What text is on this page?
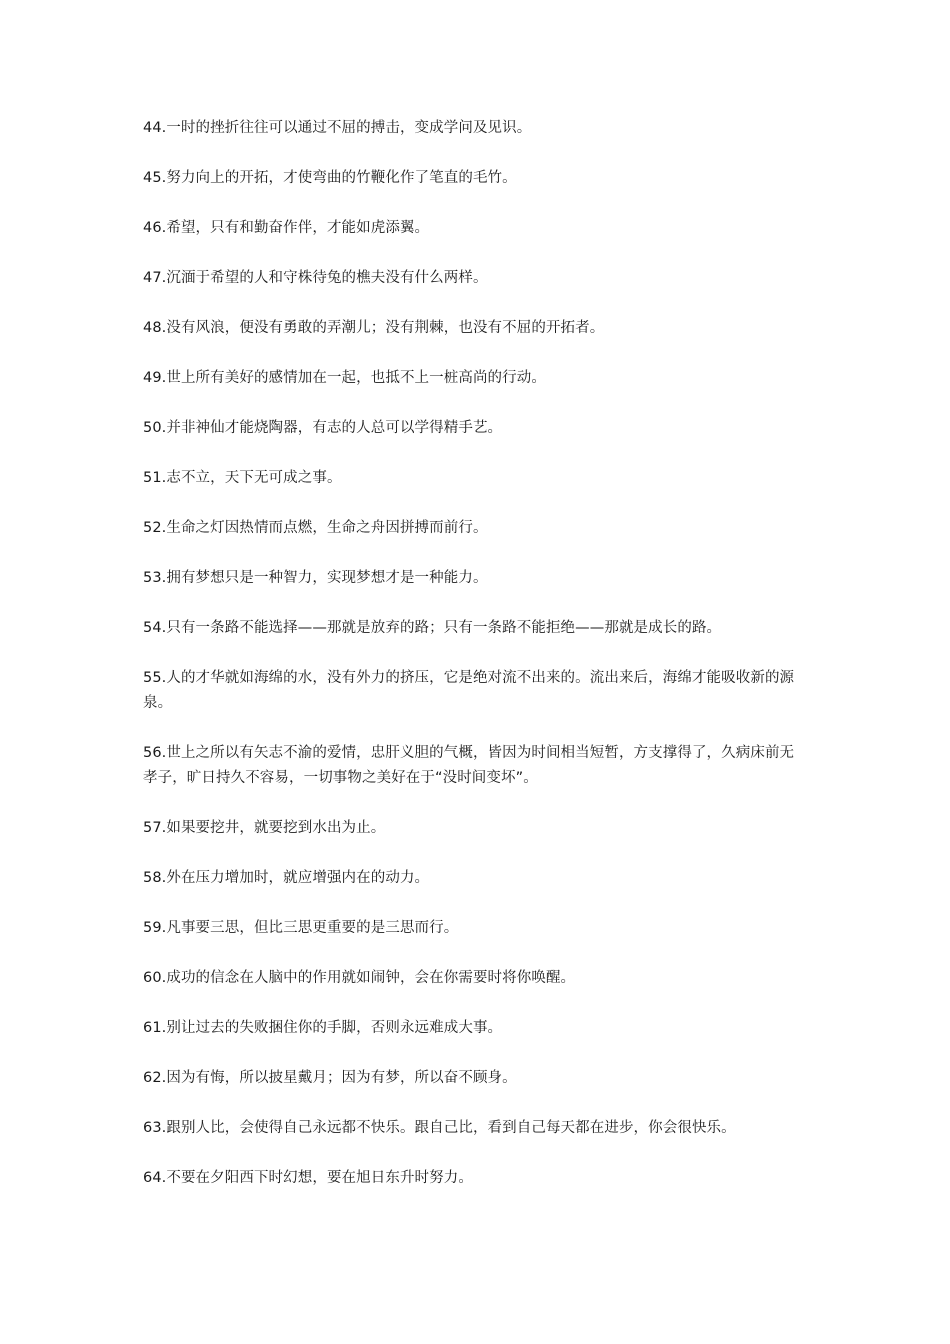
44.一时的挫折往往可以通过不屈的搏击，变成学问及见识。

45.努力向上的开拓，才使弯曲的竹鞭化作了笔直的毛竹。

46.希望，只有和勤奋作伴，才能如虎添翼。

47.沉湎于希望的人和守株待兔的樵夫没有什么两样。

48.没有风浪，便没有勇敢的弄潮儿；没有荆棘，也没有不屈的开拓者。

49.世上所有美好的感情加在一起，也抵不上一桩高尚的行动。

50.并非神仙才能烧陶器，有志的人总可以学得精手艺。

51.志不立，天下无可成之事。

52.生命之灯因热情而点燃，生命之舟因拼搏而前行。

53.拥有梦想只是一种智力，实现梦想才是一种能力。

54.只有一条路不能选择——那就是放弃的路；只有一条路不能拒绝——那就是成长的路。

55.人的才华就如海绵的水，没有外力的挤压，它是绝对流不出来的。流出来后，海绵才能吸收新的源泉。

56.世上之所以有矢志不渝的爱情，忠肝义胆的气概，皆因为时间相当短暂，方支撑得了，久病床前无孝子，旷日持久不容易，一切事物之美好在于“没时间变坏”。

57.如果要挖井，就要挖到水出为止。

58.外在压力增加时，就应增强内在的动力。

59.凡事要三思，但比三思更重要的是三思而行。

60.成功的信念在人脑中的作用就如闹钟，会在你需要时将你唤醒。

61.别让过去的失败捆住你的手脚，否则永远难成大事。

62.因为有悔，所以披星戴月；因为有梦，所以奋不顾身。

63.跟别人比，会使得自己永远都不快乐。跟自己比，看到自己每天都在进步，你会很快乐。

64.不要在夕阳西下时幻想，要在旭日东升时努力。
